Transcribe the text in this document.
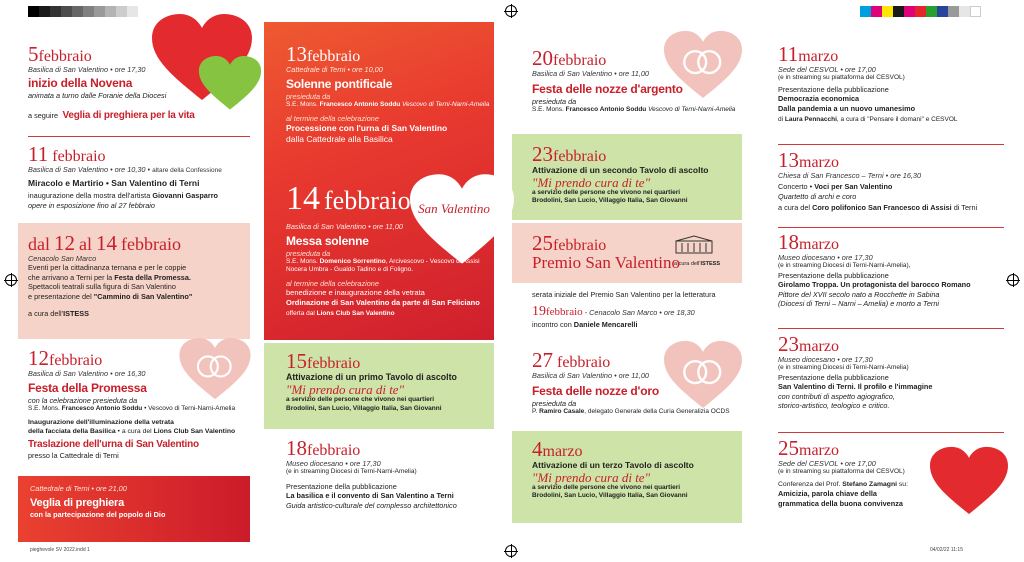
5febbraio
Basilica di San Valentino • ore 17,30
inizio della Novena
animata a turno dalle Foranie della Diocesi
a seguire Veglia di preghiera per la vita
11 febbraio
Basilica di San Valentino • ore 10,30 • altare della Confessione
Miracolo e Martirio • San Valentino di Terni
inaugurazione della mostra dell'artista Giovanni Gasparro
opere in esposizione fino al 27 febbraio
dal 12 al 14 febbraio
Cenacolo San Marco
Eventi per la cittadinanza ternana e per le coppie
che arrivano a Terni per la Festa della Promessa.
Spettacoli teatrali sulla figura di San Valentino
e presentazione del "Cammino di San Valentino"
a cura dell'ISTESS
12febbraio
Basilica di San Valentino • ore 16,30
Festa della Promessa
con la celebrazione presieduta da
S.E. Mons. Francesco Antonio Soddu • Vescovo di Terni-Narni-Amelia
Inaugurazione dell'illuminazione della vetrata
della facciata della Basilica • a cura del Lions Club San Valentino
Traslazione dell'urna di San Valentino
presso la Cattedrale di Terni
Cattedrale di Terni • ore 21,00
Veglia di preghiera
con la partecipazione del popolo di Dio
13febbraio
Cattedrale di Terni • ore 10,00
Solenne pontificale
presieduta da
S.E. Mons. Francesco Antonio Soddu Vescovo di Terni-Narni-Amelia
al termine della celebrazione
Processione con l'urna di San Valentino
dalla Cattedrale alla Basilica
14 febbraio	Festa di
San Valentino
Basilica di San Valentino • ore 11,00
Messa solenne
presieduta da
S.E. Mons. Domenico Sorrentino, Arcivescovo - Vescovo di Assisi
Nocera Umbra - Gualdo Tadino e di Foligno.
al termine della celebrazione
benedizione e inaugurazione della vetrata
Ordinazione di San Valentino da parte di San Feliciano
offerta dal Lions Club San Valentino
15febbraio
Attivazione di un primo Tavolo di ascolto
"Mi prendo cura di te"
a servizio delle persone che vivono nei quartieri
Brodolini, San Lucio, Villaggio Italia, San Giovanni
18febbraio
Museo diocesano • ore 17,30
(e in streaming Diocesi di Terni-Narni-Amelia)
Presentazione della pubblicazione
La basilica e il convento di San Valentino a Terni
Guida artistico-culturale del complesso architettonico
20febbraio
Basilica di San Valentino • ore 11,00
Festa delle nozze d'argento
presieduta da
S.E. Mons. Francesco Antonio Soddu Vescovo di Terni-Narni-Amelia
23febbraio
Attivazione di un secondo Tavolo di ascolto
"Mi prendo cura di te"
a servizio delle persone che vivono nei quartieri
Brodolini, San Lucio, Villaggio Italia, San Giovanni
25febbraio
Premio San Valentino
a cura dell'ISTESS
serata iniziale del Premio San Valentino per la letteratura
19febbraio - Cenacolo San Marco • ore 18,30
incontro con Daniele Mencarelli
27 febbraio
Basilica di San Valentino • ore 11,00
Festa delle nozze d'oro
presieduta da
P. Ramiro Casale, delegato Generale della Curia Generalizia OCDS
4marzo
Attivazione di un terzo Tavolo di ascolto
"Mi prendo cura di te"
a servizio delle persone che vivono nei quartieri
Brodolini, San Lucio, Villaggio Italia, San Giovanni
11marzo
Sede del CESVOL • ore 17,00
(e in streaming su piattaforma del CESVOL)
Presentazione della pubblicazione
Democrazia economica
Dalla pandemia a un nuovo umanesimo
di Laura Pennacchi, a cura di "Pensare il domani" e CESVOL
13marzo
Chiesa di San Francesco – Terni • ore 16,30
Concerto • Voci per San Valentino
Quartetto di archi e coro
a cura del Coro polifonico San Francesco di Assisi di Terni
18marzo
Museo diocesano • ore 17,30
(e in streaming Diocesi di Terni-Narni-Amelia),
Presentazione della pubblicazione
Girolamo Troppa. Un protagonista del barocco Romano
Pittore del XVII secolo nato a Rocchette in Sabina
(Diocesi di Terni – Narni – Amelia) e morto a Terni
23marzo
Museo diocesano • ore 17,30
(e in streaming Diocesi di Terni-Narni-Amelia)
Presentazione della pubblicazione
San Valentino di Terni. Il profilo e l'immagine
con contributi di aspetto agiografico,
storico-artistico, teologico e critico.
25marzo
Sede del CESVOL • ore 17,00
(e in streaming su piattaforma del CESVOL)
Conferenza del Prof. Stefano Zamagni su:
Amicizia, parola chiave della
grammatica della buona convivenza
pieghevole SV 2022.indd 1	04/02/22 11:15
